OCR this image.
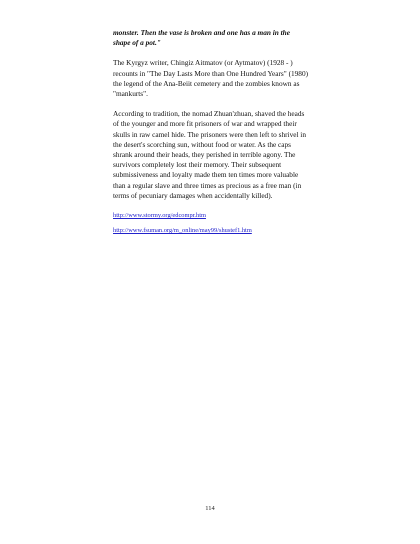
monster. Then the vase is broken and one has a man in the shape of a pot."

The Kyrgyz writer, Chingiz Aitmatov (or Aytmatov) (1928 - ) recounts in "The Day Lasts More than One Hundred Years" (1980) the legend of the Ana-Beiit cemetery and the zombies known as "mankurts".

According to tradition, the nomad Zhuan'zhuan, shaved the heads of the younger and more fit prisoners of war and wrapped their skulls in raw camel hide. The prisoners were then left to shrivel in the desert's scorching sun, without food or water. As the caps shrank around their heads, they perished in terrible agony. The survivors completely lost their memory. Their subsequent submissiveness and loyalty made them ten times more valuable than a regular slave and three times as precious as a free man (in terms of pecuniary damages when accidentally killed).

http://www.stormy.org/edcompr.htm
http://www.fsuman.org/m_online/may99/shustef1.htm
114
